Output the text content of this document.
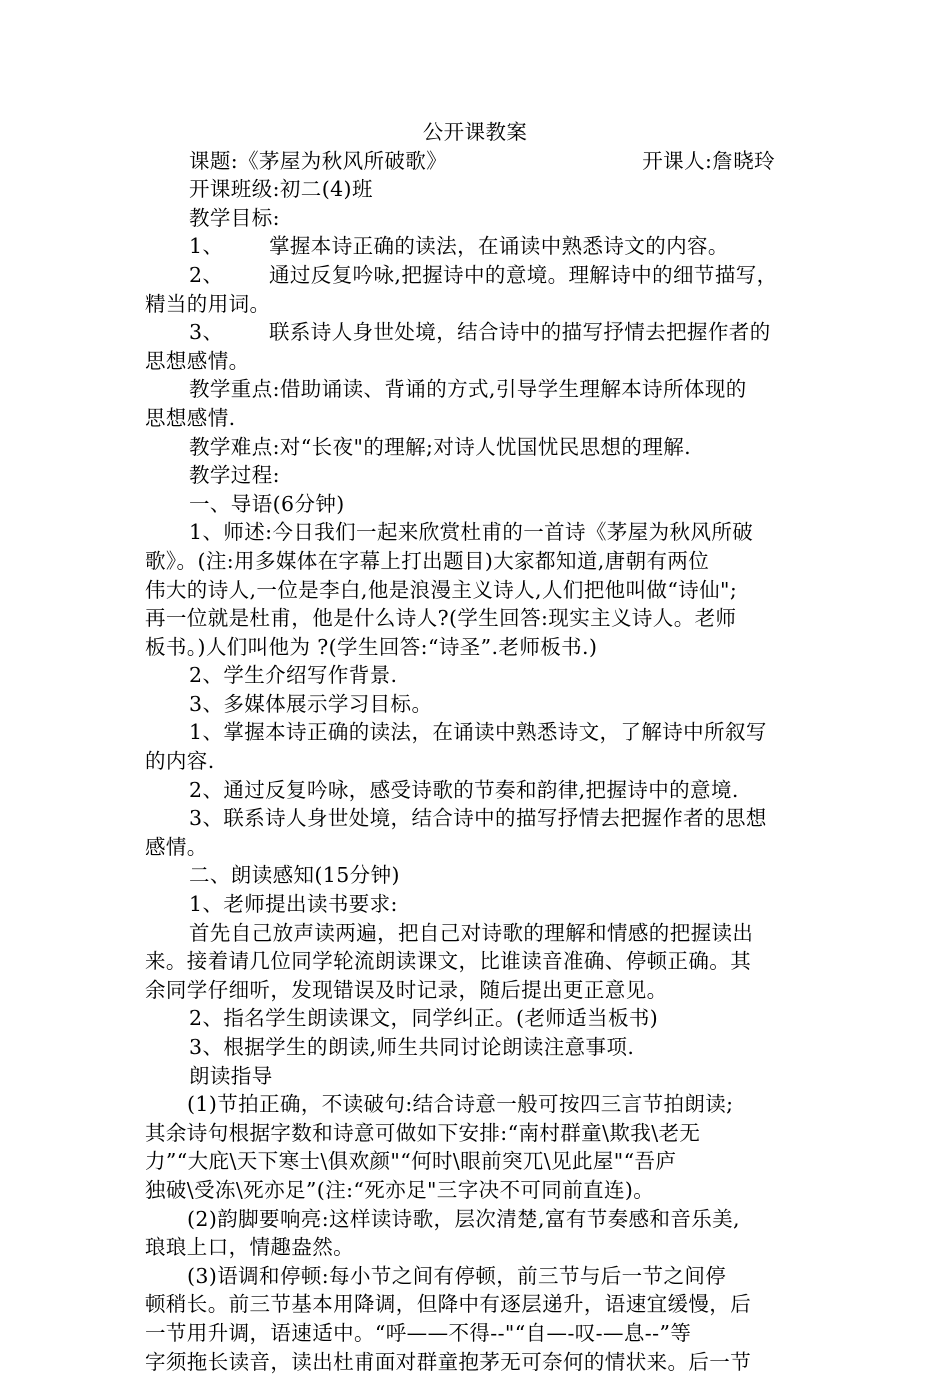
公开课教案
课题:《茅屋为秋风所破歌》	开课人:詹晓玲
开课班级:初二(4)班
教学目标:
1、 掌握本诗正确的读法，在诵读中熟悉诗文的内容。
2、 通过反复吟咏,把握诗中的意境。理解诗中的细节描写，
精当的用词。
3、 联系诗人身世处境，结合诗中的描写抒情去把握作者的
思想感情。
教学重点:借助诵读、背诵的方式,引导学生理解本诗所体现的
思想感情.
教学难点:对“长夜"的理解;对诗人忧国忧民思想的理解.
教学过程:
一、导语(6分钟)
1、师述:今日我们一起来欣赏杜甫的一首诗《茅屋为秋风所破
歌》。(注:用多媒体在字幕上打出题目)大家都知道,唐朝有两位
伟大的诗人,一位是李白,他是浪漫主义诗人,人们把他叫做“诗仙";
再一位就是杜甫，他是什么诗人?(学生回答:现实主义诗人。老师
板书。)人们叫他为 ?(学生回答:“诗圣”.老师板书.)
2、学生介绍写作背景.
3、多媒体展示学习目标。
1、掌握本诗正确的读法，在诵读中熟悉诗文，了解诗中所叙写
的内容.
2、通过反复吟咏，感受诗歌的节奏和韵律,把握诗中的意境.
3、联系诗人身世处境，结合诗中的描写抒情去把握作者的思想
感情。
二、朗读感知(15分钟)
1、老师提出读书要求:
首先自己放声读两遍，把自己对诗歌的理解和情感的把握读出
来。接着请几位同学轮流朗读课文，比谁读音准确、停顿正确。其
余同学仔细听，发现错误及时记录，随后提出更正意见。
2、指名学生朗读课文，同学纠正。(老师适当板书)
3、根据学生的朗读,师生共同讨论朗读注意事项.
朗读指导
(1)节拍正确，不读破句:结合诗意一般可按四三言节拍朗读;
其余诗句根据字数和诗意可做如下安排:“南村群童\欺我\老无
力”“大庇\天下寒士\俱欢颜"“何时\眼前突兀\见此屋"“吾庐
独破\受冻\死亦足”(注:“死亦足"三字决不可同前直连)。
(2)韵脚要响亮:这样读诗歌，层次清楚,富有节奏感和音乐美,
琅琅上口，情趣盎然。
(3)语调和停顿:每小节之间有停顿，前三节与后一节之间停
顿稍长。前三节基本用降调，但降中有逐层递升，语速宜缓慢，后
一节用升调，语速适中。“呼——不得--"“自—-叹-—息--”等
字须拖长读音，读出杜甫面对群童抱茅无可奈何的情状来。后一节
